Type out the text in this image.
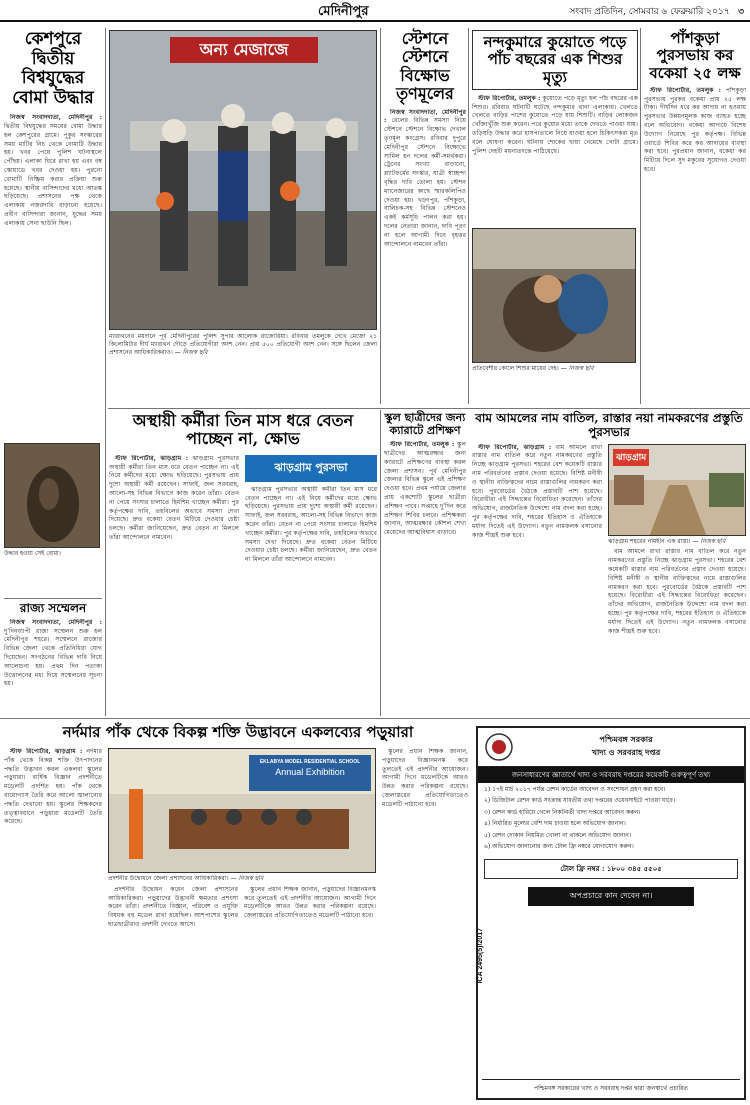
মেদিনীপুর	সংবাদ প্রতিদিন, সোমবার ৬ ফেব্রুয়ারি ২০১৭ ৩
কেশপুরে দ্বিতীয় বিশ্বযুদ্ধের বোমা উদ্ধার

নিজস্ব সংবাদদাতা, মেদিনীপুর : দ্বিতীয় বিশ্বযুদ্ধের সময়ের বোমা উদ্ধার হল কেশপুরের গ্রামে। পুকুর সংস্কারের সময় মাটির নিচ থেকে বোমাটি উদ্ধার হয়। খবর পেয়ে পুলিশ ঘটনাস্থলে পৌঁছয়। এলাকা ঘিরে রাখা হয় এবং বম্ব স্কোয়াডে খবর দেওয়া হয়। পুরনো বোমাটি নিষ্ক্রিয় করার প্রক্রিয়া শুরু হয়েছে। স্থানীয় বাসিন্দাদের মধ্যে আতঙ্ক ছড়িয়েছে। প্রশাসনের পক্ষ থেকে এলাকায় নজরদারি বাড়ানো হয়েছে। প্রবীণ বাসিন্দারা জানান, যুদ্ধের সময় এলাকায় সেনা ছাউনি ছিল।

উদ্ধার হওয়া সেই বোমা।
রাজ্য সম্মেলন

নিজস্ব সংবাদদাতা, মেদিনীপুর : দু'দিনব্যাপী রাজ্য সম্মেলন শুরু হল মেদিনীপুর শহরে। সম্মেলনে রাজ্যের বিভিন্ন জেলা থেকে প্রতিনিধিরা যোগ দিয়েছেন। সংগঠনের বিভিন্ন দাবি নিয়ে আলোচনা হয়। প্রথম দিন পতাকা উত্তোলনের মধ্য দিয়ে সম্মেলনের সূচনা হয়।

অন্য মেজাজে
ম্যারাথনের ময়দানে পূর্ব মেদিনীপুরের পুলিশ সুপার আলোক রাজোরিয়া। রবিবার তমলুকে দেখে মেজো ২১ কিলোমিটার দীর্ঘ ম্যারাথন দৌড়ে প্রতিযোগীরা অংশ নেন। প্রায় ৫০০ প্রতিযোগী অংশ নেন। সঙ্গে ছিলেন জেলা প্রশাসনের আধিকারিকরাও। — নিজস্ব ছবি
স্টেশনে স্টেশনে বিক্ষোভ তৃণমূলের

নিজস্ব সংবাদদাতা, মেদিনীপুর : রেলের বিভিন্ন সমস্যা নিয়ে স্টেশনে স্টেশনে বিক্ষোভ দেখাল তৃণমূল কংগ্রেস। রবিবার দুপুরে মেদিনীপুর স্টেশনে বিক্ষোভে সামিল হন দলের কর্মী-সমর্থকরা। ট্রেনের সংখ্যা বাড়ানো, প্ল্যাটফর্মের সংস্কার, যাত্রী স্বাচ্ছন্দ্য বৃদ্ধির দাবি তোলা হয়। স্টেশন ম্যানেজারের কাছে স্মারকলিপিও দেওয়া হয়। খড়্গপুর, পাঁশকুড়া, বালিচক-সহ বিভিন্ন স্টেশনেও একই কর্মসূচি পালন করা হয়। দলের নেতারা জানান, দাবি পূরণ না হলে আগামী দিনে বৃহত্তর আন্দোলনে নামবেন তাঁরা।

নন্দকুমারে কুয়োতে পড়ে পাঁচ বছরের এক শিশুর মৃত্যু

স্টাফ রিপোর্টার, তমলুক : কুয়োতে পড়ে মৃত্যু হল পাঁচ বছরের এক শিশুর। রবিবার ঘটনাটি ঘটেছে নন্দকুমার থানা এলাকায়। খেলতে খেলতে বাড়ির পাশের কুয়োতে পড়ে যায় শিশুটি। বাড়ির লোকজন খোঁজাখুঁজি শুরু করেন। পরে কুয়োর মধ্যে তাকে দেখতে পাওয়া যায়। তড়িঘড়ি উদ্ধার করে হাসপাতালে নিয়ে যাওয়া হলে চিকিৎসকরা মৃত বলে ঘোষণা করেন। ঘটনায় শোকের ছায়া নেমেছে গোটা গ্রামে। পুলিশ দেহটি ময়নাতদন্তে পাঠিয়েছে।

প্রতিবেশীর কোলে শিশুর মায়ের দেহ। — নিজস্ব ছবি
পাঁশকুড়া পুরসভায় কর বকেয়া ২৫ লক্ষ

স্টাফ রিপোর্টার, তমলুক : পাঁশকুড়া পুরসভায় পুরকর বকেয়া প্রায় ২৫ লক্ষ টাকা। দীর্ঘদিন ধরে কর আদায় না হওয়ায় পুরসভার উন্নয়নমূলক কাজ ব্যাহত হচ্ছে বলে অভিযোগ। বকেয়া আদায়ে বিশেষ উদ্যোগ নিয়েছে পুর কর্তৃপক্ষ। বিভিন্ন ওয়ার্ডে শিবির করে কর আদায়ের ব্যবস্থা করা হবে। পুরপ্রধান জানান, বকেয়া কর মিটিয়ে দিলে সুদ মকুবের সুযোগও দেওয়া হবে।

অস্থায়ী কর্মীরা তিন মাস ধরে বেতন পাচ্ছেন না, ক্ষোভ

স্টাফ রিপোর্টার, ঝাড়গ্রাম : ঝাড়গ্রাম পুরসভার অস্থায়ী কর্মীরা তিন মাস ধরে বেতন পাচ্ছেন না। এই নিয়ে কর্মীদের মধ্যে ক্ষোভ ছড়িয়েছে। পুরসভায় প্রায় দুশো অস্থায়ী কর্মী রয়েছেন। সাফাই, জল সরবরাহ, আলো-সহ বিভিন্ন বিভাগে কাজ করেন তাঁরা। বেতন না পেয়ে সংসার চালাতে হিমশিম খাচ্ছেন কর্মীরা। পুর কর্তৃপক্ষের দাবি, তহবিলের অভাবে সমস্যা দেখা দিয়েছে। দ্রুত বকেয়া বেতন মিটিয়ে দেওয়ার চেষ্টা চলছে। কর্মীরা জানিয়েছেন, দ্রুত বেতন না মিললে তাঁরা আন্দোলনে নামবেন।

ঝাড়গ্রাম পুরসভা

ঝাড়গ্রাম পুরসভার অস্থায়ী কর্মীরা তিন মাস ধরে বেতন পাচ্ছেন না। এই নিয়ে কর্মীদের মধ্যে ক্ষোভ ছড়িয়েছে। পুরসভায় প্রায় দুশো অস্থায়ী কর্মী রয়েছেন। সাফাই, জল সরবরাহ, আলো-সহ বিভিন্ন বিভাগে কাজ করেন তাঁরা। বেতন না পেয়ে সংসার চালাতে হিমশিম খাচ্ছেন কর্মীরা। পুর কর্তৃপক্ষের দাবি, তহবিলের অভাবে সমস্যা দেখা দিয়েছে। দ্রুত বকেয়া বেতন মিটিয়ে দেওয়ার চেষ্টা চলছে। কর্মীরা জানিয়েছেন, দ্রুত বেতন না মিললে তাঁরা আন্দোলনে নামবেন।

স্কুল ছাত্রীদের জন্য ক্যারাটে প্রশিক্ষণ

স্টাফ রিপোর্টার, তমলুক : স্কুল ছাত্রীদের আত্মরক্ষার জন্য ক্যারাটে প্রশিক্ষণের ব্যবস্থা করল জেলা প্রশাসন। পূর্ব মেদিনীপুর জেলার বিভিন্ন স্কুলে এই প্রশিক্ষণ দেওয়া হবে। প্রথম পর্যায়ে জেলার প্রায় একশোটি স্কুলের ছাত্রীরা প্রশিক্ষণ পাবে। সপ্তাহে দু'দিন করে প্রশিক্ষণ শিবির চলবে। প্রশিক্ষকরা জানান, আত্মরক্ষার কৌশল শেখা মেয়েদের আত্মবিশ্বাস বাড়াবে।

বাম আমলের নাম বাতিল, রাস্তার নয়া নামকরণের প্রস্তুতি পুরসভার

স্টাফ রিপোর্টার, ঝাড়গ্রাম : বাম আমলে রাখা রাস্তার নাম বাতিল করে নতুন নামকরণের প্রস্তুতি নিচ্ছে ঝাড়গ্রাম পুরসভা। শহরের বেশ কয়েকটি রাস্তার নাম পরিবর্তনের প্রস্তাব দেওয়া হয়েছে। বিশিষ্ট মনীষী ও স্থানীয় ব্যক্তিত্বদের নামে রাস্তাগুলির নামকরণ করা হবে। পুরবোর্ডের বৈঠকে প্রস্তাবটি পাশ হয়েছে। বিরোধীরা এই সিদ্ধান্তের বিরোধিতা করেছেন। তাঁদের অভিযোগ, রাজনৈতিক উদ্দেশ্যে নাম বদল করা হচ্ছে। পুর কর্তৃপক্ষের দাবি, শহরের ইতিহাস ও ঐতিহ্যকে মর্যাদা দিতেই এই উদ্যোগ। নতুন নামফলক বসানোর কাজ শীঘ্রই শুরু হবে।

ঝাড়গ্রাম
ঝাড়গ্রাম শহরের নামহীন এক রাস্তা। — নিজস্ব ছবি

বাম আমলে রাখা রাস্তার নাম বাতিল করে নতুন নামকরণের প্রস্তুতি নিচ্ছে ঝাড়গ্রাম পুরসভা। শহরের বেশ কয়েকটি রাস্তার নাম পরিবর্তনের প্রস্তাব দেওয়া হয়েছে। বিশিষ্ট মনীষী ও স্থানীয় ব্যক্তিত্বদের নামে রাস্তাগুলির নামকরণ করা হবে। পুরবোর্ডের বৈঠকে প্রস্তাবটি পাশ হয়েছে। বিরোধীরা এই সিদ্ধান্তের বিরোধিতা করেছেন। তাঁদের অভিযোগ, রাজনৈতিক উদ্দেশ্যে নাম বদল করা হচ্ছে। পুর কর্তৃপক্ষের দাবি, শহরের ইতিহাস ও ঐতিহ্যকে মর্যাদা দিতেই এই উদ্যোগ। নতুন নামফলক বসানোর কাজ শীঘ্রই শুরু হবে।

নর্দমার পাঁক থেকে বিকল্প শক্তি উদ্ভাবনে একলব্যের পড়ুয়ারা

স্টাফ রিপোর্টার, ঝাড়গ্রাম : নর্দমার পাঁক থেকে বিকল্প শক্তি উৎপাদনের পদ্ধতি উদ্ভাবন করল একলব্য স্কুলের পড়ুয়ারা। বার্ষিক বিজ্ঞান প্রদর্শনীতে মডেলটি প্রদর্শিত হয়। পাঁক থেকে বায়োগ্যাস তৈরি করে আলো জ্বালানোর পদ্ধতি দেখানো হয়। স্কুলের শিক্ষকদের তত্ত্বাবধানে পড়ুয়ারা মডেলটি তৈরি করেছে।

EKLABYA MODEL RESIDENTIAL SCHOOL
Annual Exhibition
প্রদর্শনীর উদ্বোধনে জেলা প্রশাসনের আধিকারিকরা। — নিজস্ব ছবি

প্রদর্শনীর উদ্বোধন করেন জেলা প্রশাসনের আধিকারিকরা। পড়ুয়াদের উদ্ভাবনী ক্ষমতার প্রশংসা করেন তাঁরা। প্রদর্শনীতে বিজ্ঞান, পরিবেশ ও প্রযুক্তি বিষয়ক বহু মডেল রাখা হয়েছিল। আশপাশের স্কুলের ছাত্রছাত্রীরাও প্রদর্শনী দেখতে আসে।

স্কুলের প্রধান শিক্ষক জানান, পড়ুয়াদের বিজ্ঞানমনস্ক করে তুলতেই এই প্রদর্শনীর আয়োজন। আগামী দিনে মডেলটিকে আরও উন্নত করার পরিকল্পনা রয়েছে। জেলাস্তরের প্রতিযোগিতাতেও মডেলটি পাঠানো হবে।

স্কুলের প্রধান শিক্ষক জানান, পড়ুয়াদের বিজ্ঞানমনস্ক করে তুলতেই এই প্রদর্শনীর আয়োজন। আগামী দিনে মডেলটিকে আরও উন্নত করার পরিকল্পনা রয়েছে। জেলাস্তরের প্রতিযোগিতাতেও মডেলটি পাঠানো হবে।

পশ্চিমবঙ্গ সরকার
খাদ্য ও সরবরাহ দপ্তর
জনসাধারণের জ্ঞাতার্থে খাদ্য ও সরবরাহ দপ্তরের কয়েকটি গুরুত্বপূর্ণ তথ্য
১) ১৭ই মার্চ ২০১৭ পর্যন্ত রেশন কার্ডের আবেদন ও সংশোধন গ্রহণ করা হবে।
২) ডিজিটাল রেশন কার্ড সংক্রান্ত যাবতীয় তথ্য দপ্তরের ওয়েবসাইটে পাওয়া যাবে।
৩) রেশন কার্ড হারিয়ে গেলে নিকটবর্তী খাদ্য দপ্তরে আবেদন করুন।
৪) নির্ধারিত মূল্যের বেশি দাম চাওয়া হলে অভিযোগ জানান।
৫) রেশন দোকান নিয়মিত খোলা না থাকলে অভিযোগ জানান।
৬) অভিযোগ জানানোর জন্য টোল ফ্রি নম্বরে যোগাযোগ করুন।
টোল ফ্রি নম্বর : ১৮০০ ৩৪৫ ৫৫০৫
অপপ্রচারে কান দেবেন না।
পশ্চিমবঙ্গ সরকারের খাদ্য ও সরবরাহ দপ্তর দ্বারা জনস্বার্থে প্রচারিত
ICA 2495(5)/2017
